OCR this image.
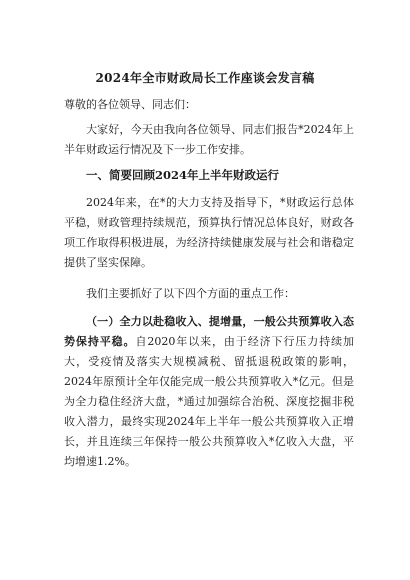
2024年全市财政局长工作座谈会发言稿
尊敬的各位领导、同志们：

大家好，今天由我向各位领导、同志们报告*2024年上半年财政运行情况及下一步工作安排。

一、简要回顾2024年上半年财政运行

2024年来，在*的大力支持及指导下，*财政运行总体平稳，财政管理持续规范，预算执行情况总体良好，财政各项工作取得积极进展，为经济持续健康发展与社会和谐稳定提供了坚实保障。

我们主要抓好了以下四个方面的重点工作：

（一）全力以赴稳收入、提增量，一般公共预算收入态势保持平稳。自2020年以来，由于经济下行压力持续加大，受疫情及落实大规模减税、留抵退税政策的影响，2024年原预计全年仅能完成一般公共预算收入*亿元。但是为全力稳住经济大盘，*通过加强综合治税、深度挖掘非税收入潜力，最终实现2024年上半年一般公共预算收入正增长，并且连续三年保持一般公共预算收入*亿收入大盘，平均增速1.2%。
